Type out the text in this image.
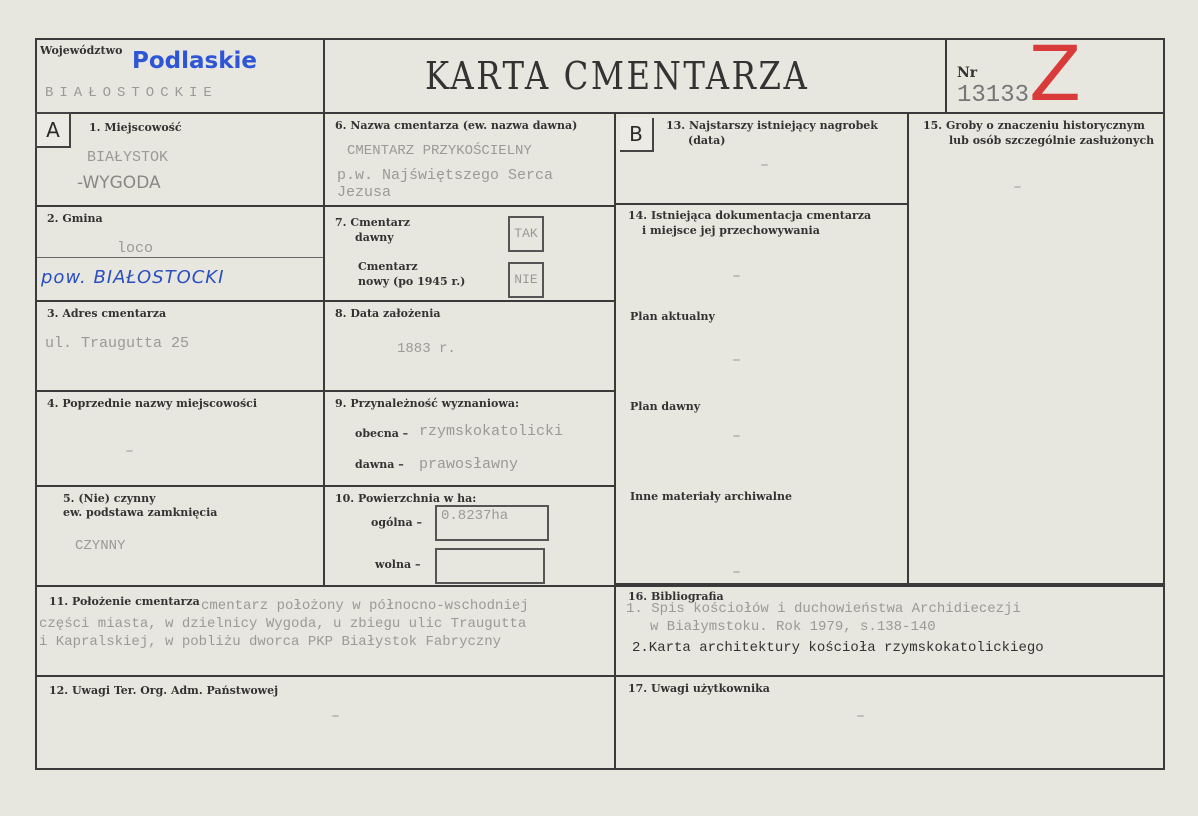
Województwo Podlaskie
BIAŁOSTOCKIE	KARTA CMENTARZA	Nr
13133 Z
A	1. Miejscowość
BIAŁYSTOK
-WYGODA
2. Gmina
loco
pow. BIAŁOSTOCKI
3. Adres cmentarza
ul. Traugutta 25
4. Poprzednie nazwy miejscowości
–
5. (Nie) czynny
ew. podstawa zamknięcia
CZYNNY
6. Nazwa cmentarza (ew. nazwa dawna)
CMENTARZ PRZYKOŚCIELNY
p.w. Najświętszego Serca
Jezusa
7. Cmentarz
dawny	TAK
Cmentarz
nowy (po 1945 r.)	NIE
8. Data założenia
1883 r.
9. Przynależność wyznaniowa:
obecna – rzymskokatolicki
dawna – prawosławny
10. Powierzchnia w ha:
ogólna –	0.8237ha
wolna –
B	13. Najstarszy istniejący nagrobek
(data)
–
14. Istniejąca dokumentacja cmentarza
i miejsce jej przechowywania
–
Plan aktualny
–
Plan dawny
–
Inne materiały archiwalne
–
15. Groby o znaczeniu historycznym
lub osób szczególnie zasłużonych
–
11. Położenie cmentarza cmentarz położony w północno-wschodniej
części miasta, w dzielnicy Wygoda, u zbiegu ulic Traugutta
i Kapralskiej, w pobliżu dworca PKP Białystok Fabryczny
16. Bibliografia
1. Spis kościołów i duchowieństwa Archidiecezji
w Białymstoku. Rok 1979, s.138-140
2.Karta architektury kościoła rzymskokatolickiego
12. Uwagi Ter. Org. Adm. Państwowej
–
17. Uwagi użytkownika
–
